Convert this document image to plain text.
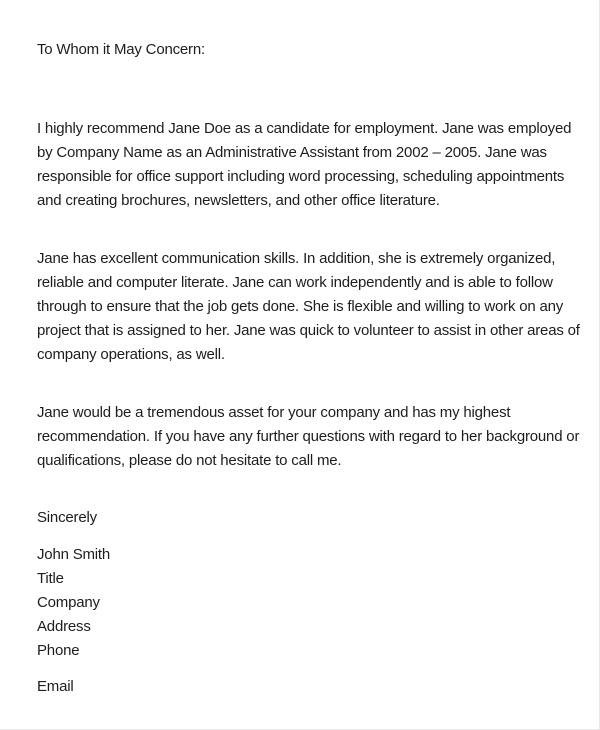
To Whom it May Concern:

I highly recommend Jane Doe as a candidate for employment. Jane was employed by Company Name as an Administrative Assistant from 2002 – 2005. Jane was responsible for office support including word processing, scheduling appointments and creating brochures, newsletters, and other office literature.

Jane has excellent communication skills. In addition, she is extremely organized, reliable and computer literate. Jane can work independently and is able to follow through to ensure that the job gets done. She is flexible and willing to work on any project that is assigned to her. Jane was quick to volunteer to assist in other areas of company operations, as well.

Jane would be a tremendous asset for your company and has my highest recommendation. If you have any further questions with regard to her background or qualifications, please do not hesitate to call me.

Sincerely

John Smith
Title
Company
Address
Phone
Email
